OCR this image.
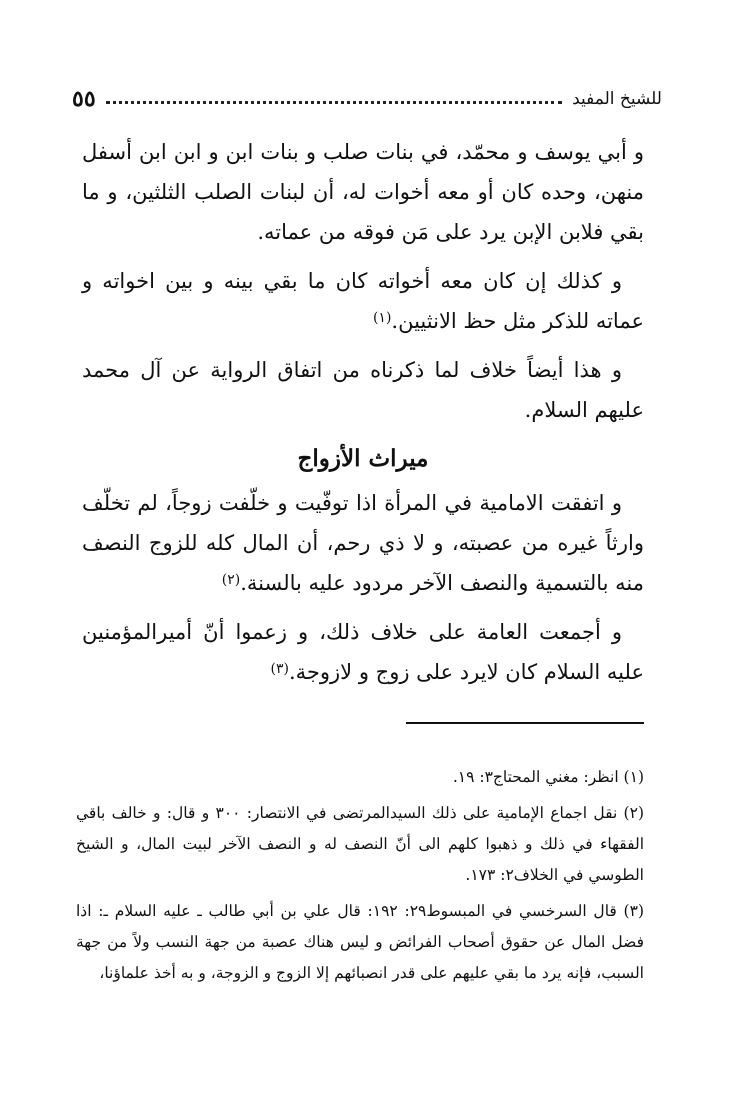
للشيخ المفيد
٥٥

و أبي يوسف و محمّد، في بنات صلب و بنات ابن و ابن ابن أسفل منهن، وحده كان أو معه أخوات له، أن لبنات الصلب الثلثين، و ما بقي فلابن الإبن يرد على مَن فوقه من عماته.

و كذلك إن كان معه أخواته كان ما بقي بينه و بين اخواته و عماته للذكر مثل حظ الانثيين.$^{(١)}$

و هذا أيضاً خلاف لما ذكرناه من اتفاق الرواية عن آل محمد عليهم السلام.

ميراث الأزواج

و اتفقت الامامية في المرأة اذا توفّيت و خلّفت زوجاً، لم تخلّف وارثاً غيره من عصبته، و لا ذي رحم، أن المال كله للزوج النصف منه بالتسمية والنصف الآخر مردود عليه بالسنة.$^{(٢)}$

و أجمعت العامة على خلاف ذلك، و زعموا أنّ أميرالمؤمنين عليه السلام كان لايرد على زوج و لازوجة.$^{(٣)}$

(١) انظر: مغني المحتاج٣: ١٩.

(٢) نقل اجماع الإمامية على ذلك السيدالمرتضى في الانتصار: ٣٠٠ و قال: و خالف باقي الفقهاء في ذلك و ذهبوا كلهم الى أنّ النصف له و النصف الآخر لبيت المال، و الشيخ الطوسي في الخلاف٢: ١٧٣.

(٣) قال السرخسي في المبسوط٢٩: ١٩٢: قال علي بن أبي طالب ـ عليه السلام ـ: اذا فضل المال عن حقوق أصحاب الفرائض و ليس هناك عصبة من جهة النسب ولاً من جهة السبب، فإنه يرد ما بقي عليهم على قدر انصبائهم إلا الزوج و الزوجة، و به أخذ علماؤنا،
